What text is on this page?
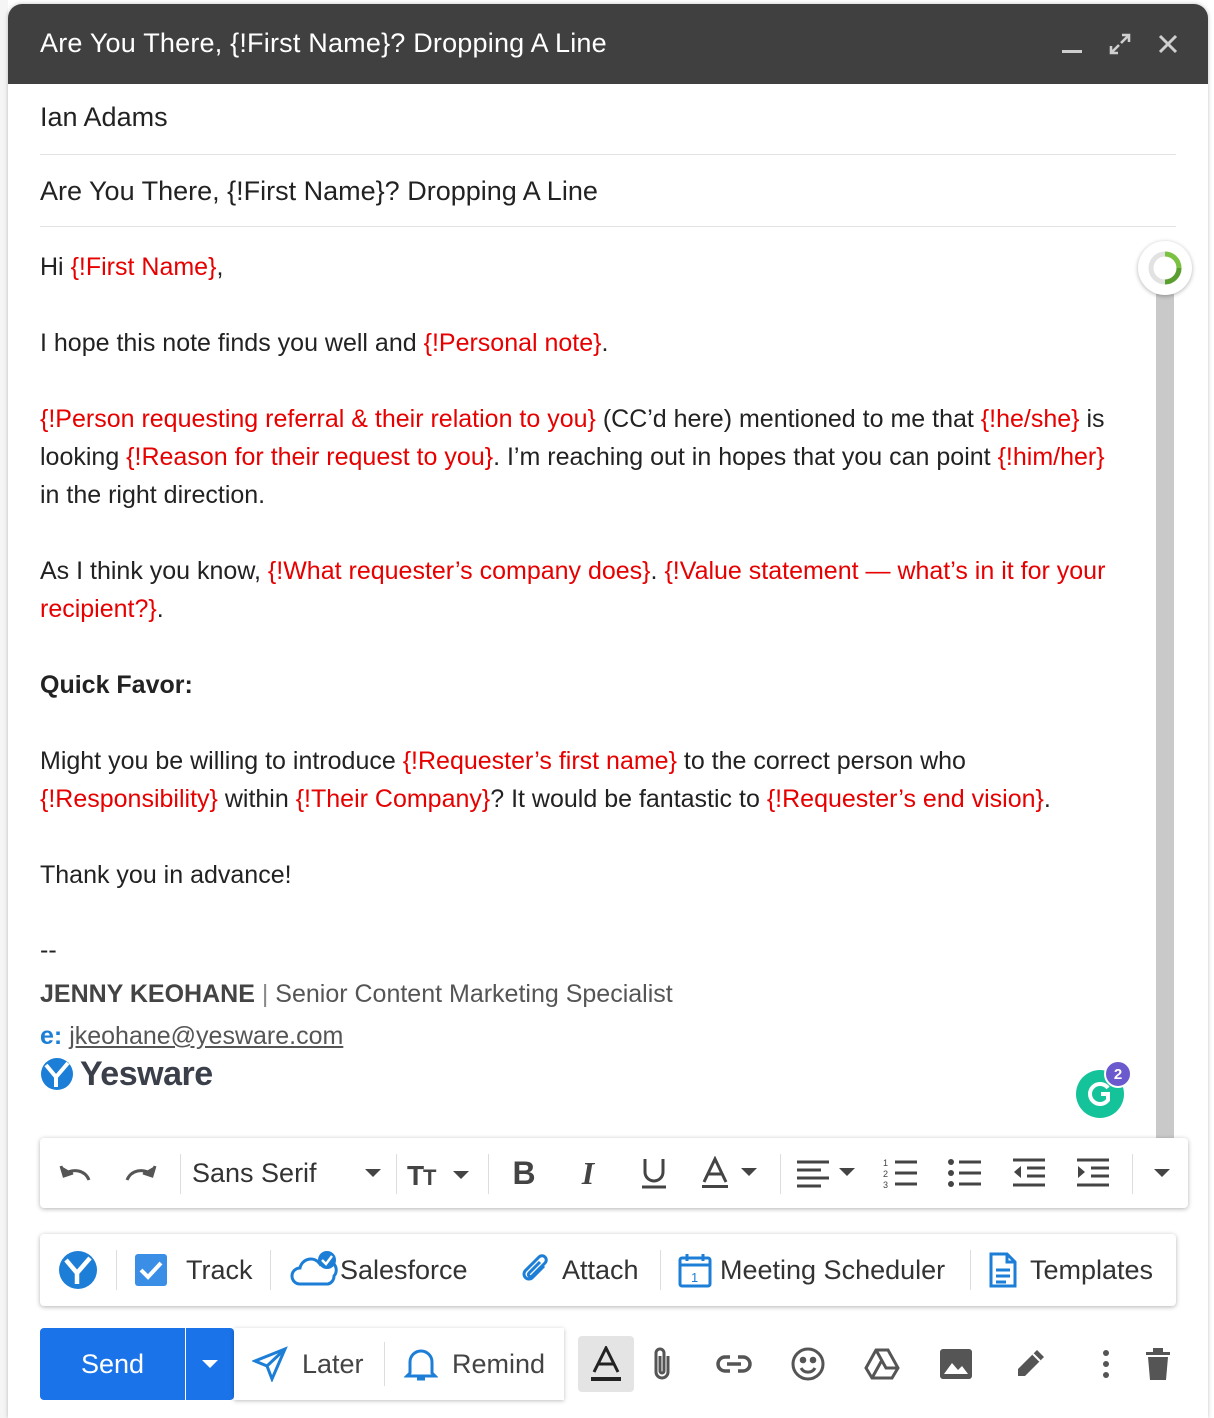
Are You There, {!First Name}? Dropping A Line
Ian Adams
Are You There, {!First Name}? Dropping A Line

Hi {!First Name},

I hope this note finds you well and {!Personal note}.

{!Person requesting referral & their relation to you} (CC’d here) mentioned to me that {!he/she} is looking {!Reason for their request to you}. I’m reaching out in hopes that you can point {!him/her} in the right direction.

As I think you know, {!What requester’s company does}. {!Value statement — what’s in it for your recipient?}.

Quick Favor:

Might you be willing to introduce {!Requester’s first name} to the correct person who {!Responsibility} within {!Their Company}? It would be fantastic to {!Requester’s end vision}.

Thank you in advance!

--
JENNY KEOHANE | Senior Content Marketing Specialist
e: jkeohane@yesware.com
Yesware	2
Sans Serif	T
T	B	I	1
2
3
Track	Salesforce	Attach	1 Meeting Scheduler	Templates
Send	Later	Remind
